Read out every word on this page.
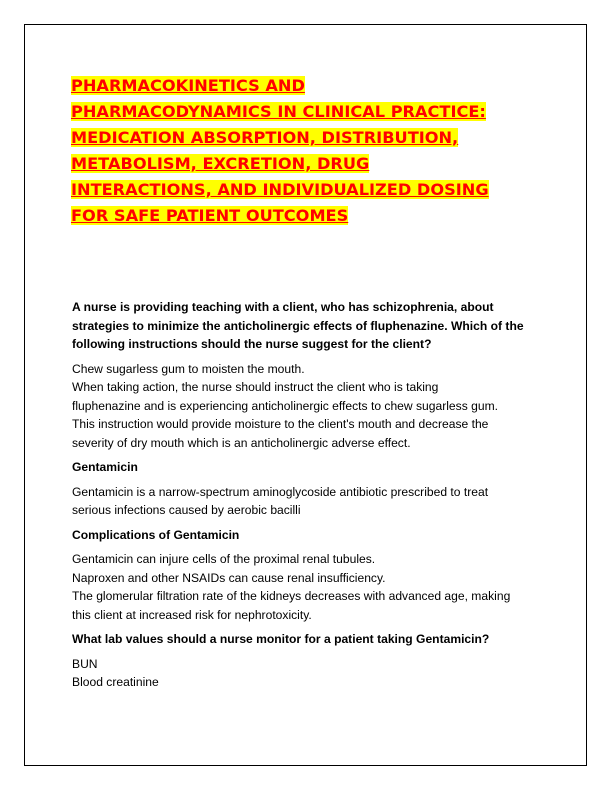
PHARMACOKINETICS AND
PHARMACODYNAMICS IN CLINICAL PRACTICE:
MEDICATION ABSORPTION, DISTRIBUTION,
METABOLISM, EXCRETION, DRUG
INTERACTIONS, AND INDIVIDUALIZED DOSING
FOR SAFE PATIENT OUTCOMES
A nurse is providing teaching with a client, who has schizophrenia, about
strategies to minimize the anticholinergic effects of fluphenazine. Which of the
following instructions should the nurse suggest for the client?
Chew sugarless gum to moisten the mouth.
When taking action, the nurse should instruct the client who is taking
fluphenazine and is experiencing anticholinergic effects to chew sugarless gum.
This instruction would provide moisture to the client's mouth and decrease the
severity of dry mouth which is an anticholinergic adverse effect.
Gentamicin
Gentamicin is a narrow-spectrum aminoglycoside antibiotic prescribed to treat
serious infections caused by aerobic bacilli
Complications of Gentamicin
Gentamicin can injure cells of the proximal renal tubules.
Naproxen and other NSAIDs can cause renal insufficiency.
The glomerular filtration rate of the kidneys decreases with advanced age, making
this client at increased risk for nephrotoxicity.
What lab values should a nurse monitor for a patient taking Gentamicin?
BUN
Blood creatinine
